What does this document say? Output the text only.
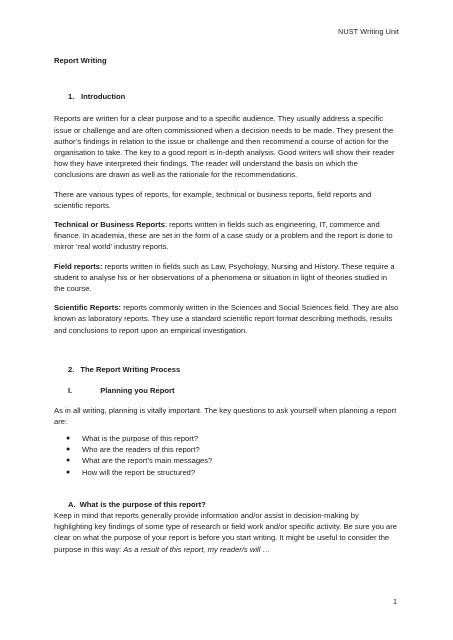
NUST Writing Unit

Report Writing

1. Introduction

Reports are written for a clear purpose and to a specific audience. They usually address a specific issue or challenge and are often commissioned when a decision needs to be made. They present the author’s findings in relation to the issue or challenge and then recommend a course of action for the organisation to take. The key to a good report is in-depth analysis. Good writers will show their reader how they have interpreted their findings. The reader will understand the basis on which the conclusions are drawn as well as the rationale for the recommendations.

There are various types of reports, for example, technical or business reports, field reports and scientific reports.

Technical or Business Reports: reports written in fields such as engineering, IT, commerce and finance. In academia, these are set in the form of a case study or a problem and the report is done to mirror ‘real world’ industry reports.

Field reports: reports written in fields such as Law, Psychology, Nursing and History. These require a student to analyse his or her observations of a phenomena or situation in light of theories studied in the course.

Scientific Reports: reports commonly written in the Sciences and Social Sciences field. They are also known as laboratory reports. They use a standard scientific report format describing methods, results and conclusions to report upon an empirical investigation.

2. The Report Writing Process
I.	Planning you Report

As in all writing, planning is vitally important. The key questions to ask yourself when planning a report are:

● What is the purpose of this report?
● Who are the readers of this report?
● What are the report’s main messages?
● How will the report be structured?
A. What is the purpose of this report?

Keep in mind that reports generally provide information and/or assist in decision-making by highlighting key findings of some type of research or field work and/or specific activity. Be sure you are clear on what the purpose of your report is before you start writing. It might be useful to consider the purpose in this way: As a result of this report, my reader/s will …

1
